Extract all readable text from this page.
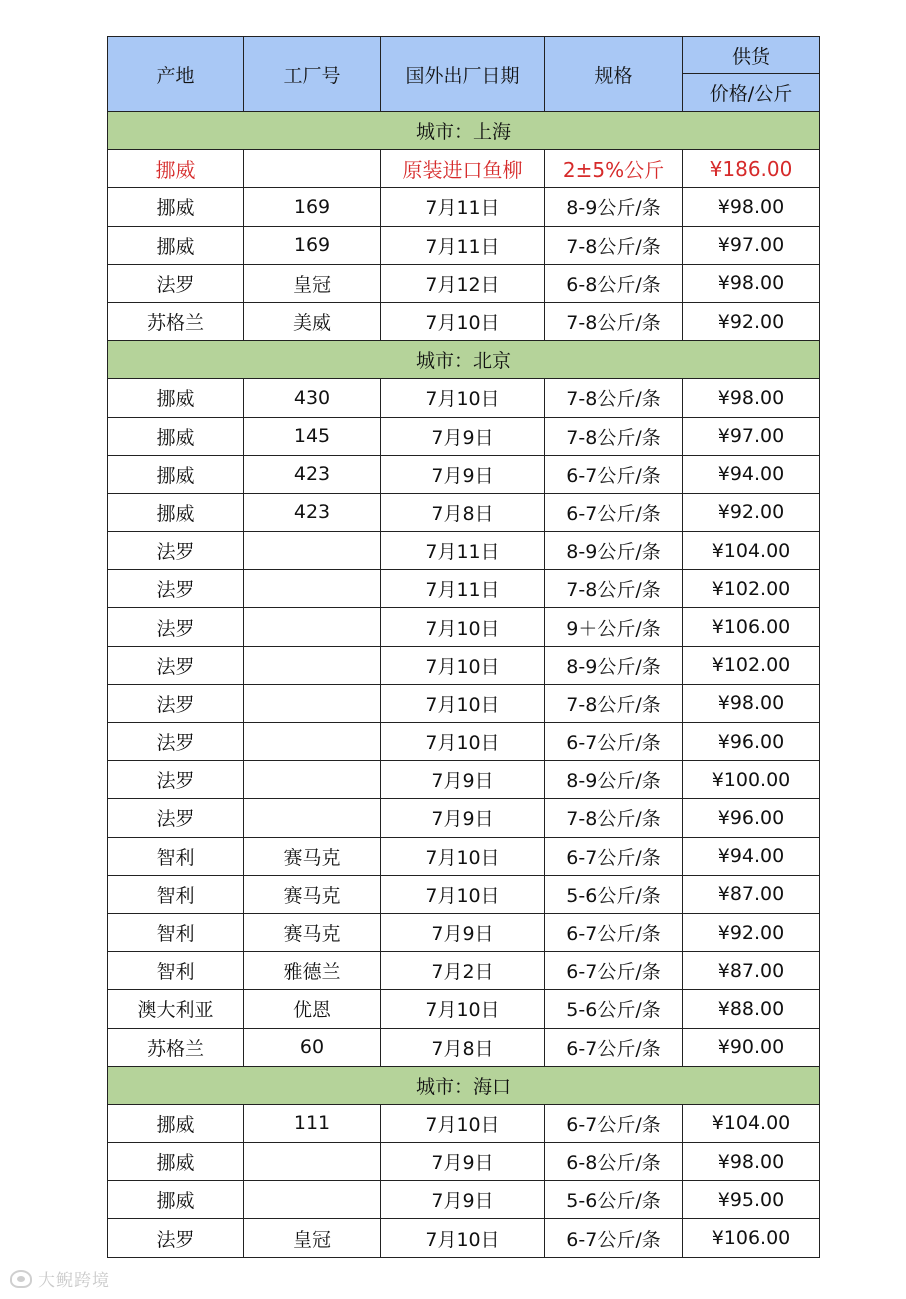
产地	工厂号	国外出厂日期	规格	供货
				价格/公斤
城市：上海				
挪威		原装进口鱼柳	2±5%公斤	¥186.00
挪威	169	7月11日	8-9公斤/条	¥98.00
挪威	169	7月11日	7-8公斤/条	¥97.00
法罗	皇冠	7月12日	6-8公斤/条	¥98.00
苏格兰	美威	7月10日	7-8公斤/条	¥92.00
城市：北京				
挪威	430	7月10日	7-8公斤/条	¥98.00
挪威	145	7月9日	7-8公斤/条	¥97.00
挪威	423	7月9日	6-7公斤/条	¥94.00
挪威	423	7月8日	6-7公斤/条	¥92.00
法罗		7月11日	8-9公斤/条	¥104.00
法罗		7月11日	7-8公斤/条	¥102.00
法罗		7月10日	9＋公斤/条	¥106.00
法罗		7月10日	8-9公斤/条	¥102.00
法罗		7月10日	7-8公斤/条	¥98.00
法罗		7月10日	6-7公斤/条	¥96.00
法罗		7月9日	8-9公斤/条	¥100.00
法罗		7月9日	7-8公斤/条	¥96.00
智利	赛马克	7月10日	6-7公斤/条	¥94.00
智利	赛马克	7月10日	5-6公斤/条	¥87.00
智利	赛马克	7月9日	6-7公斤/条	¥92.00
智利	雅德兰	7月2日	6-7公斤/条	¥87.00
澳大利亚	优恩	7月10日	5-6公斤/条	¥88.00
苏格兰	60	7月8日	6-7公斤/条	¥90.00
城市：海口				
挪威	111	7月10日	6-7公斤/条	¥104.00
挪威		7月9日	6-8公斤/条	¥98.00
挪威		7月9日	5-6公斤/条	¥95.00
法罗	皇冠	7月10日	6-7公斤/条	¥106.00
大鲵跨境
